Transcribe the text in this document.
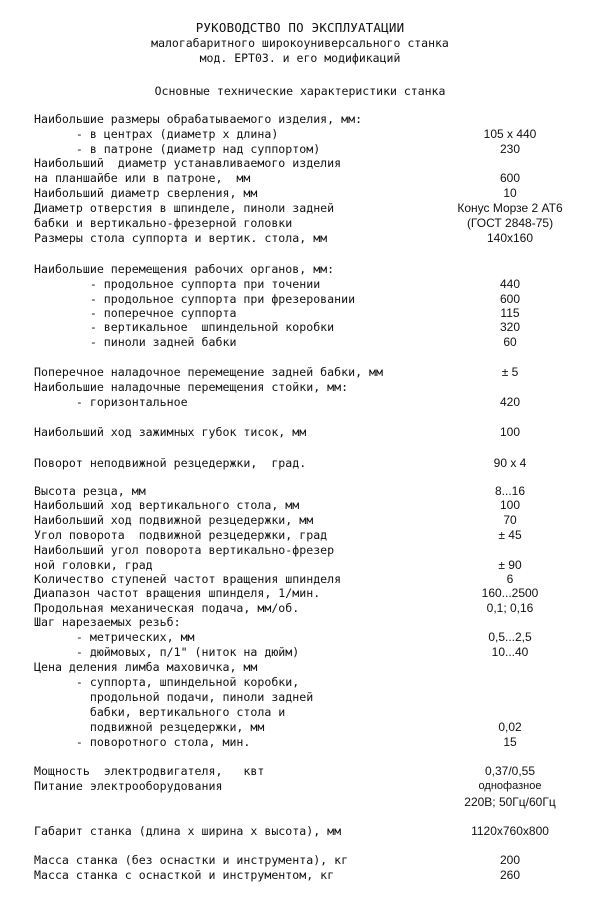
РУКОВОДСТВО ПО ЭКСПЛУАТАЦИИ
малогабаритного широкоуниверсального станка
мод. ЕРТ03. и его модификаций
Основные технические характеристики станка
Наибольшие размеры обрабатываемого изделия, мм:
- в центрах (диаметр х длина)	105 х 440
- в патроне (диаметр над суппортом)	230
Наибольший  диаметр устанавливаемого изделия
на планшайбе или в патроне,  мм	600
Наибольший диаметр сверления, мм	10
Диаметр отверстия в шпинделе, пиноли задней	Конус Морзе 2 АТ6
бабки и вертикально-фрезерной головки	(ГОСТ 2848-75)
Размеры стола суппорта и вертик. стола, мм	140х160
Наибольшие перемещения рабочих органов, мм:
- продольное суппорта при точении	440
- продольное суппорта при фрезеровании	600
- поперечное суппорта	115
- вертикальное  шпиндельной коробки	320
- пиноли задней бабки	60
Поперечное наладочное перемещение задней бабки, мм	± 5
Наибольшие наладочные перемещения стойки, мм:
- горизонтальное	420
Наибольший ход зажимных губок тисок, мм	100
Поворот неподвижной резцедержки,  град.	90 х 4
Высота резца, мм	8...16
Наибольший ход вертикального стола, мм	100
Наибольший ход подвижной резцедержки, мм	70
Угол поворота  подвижной резцедержки, град	± 45
Наибольший угол поворота вертикально-фрезер
ной головки, град	± 90
Количество ступеней частот вращения шпинделя	6
Диапазон частот вращения шпинделя, 1/мин.	160...2500
Продольная механическая подача, мм/об.	0,1; 0,16
Шаг нарезаемых резьб:
- метрических, мм	0,5...2,5
- дюймовых, п/1" (ниток на дюйм)	10...40
Цена деления лимба маховичка, мм
- суппорта, шпиндельной коробки,
продольной подачи, пиноли задней
бабки, вертикального стола и
подвижной резцедержки, мм	0,02
- поворотного стола, мин.	15
Мощность  электродвигателя,   квт	0,37/0,55
Питание электрооборудования	однофазное
220В; 50Гц/60Гц
Габарит станка (длина х ширина х высота), мм	1120х760х800
Масса станка (без оснастки и инструмента), кг	200
Масса станка с оснасткой и инструментом, кг	260
